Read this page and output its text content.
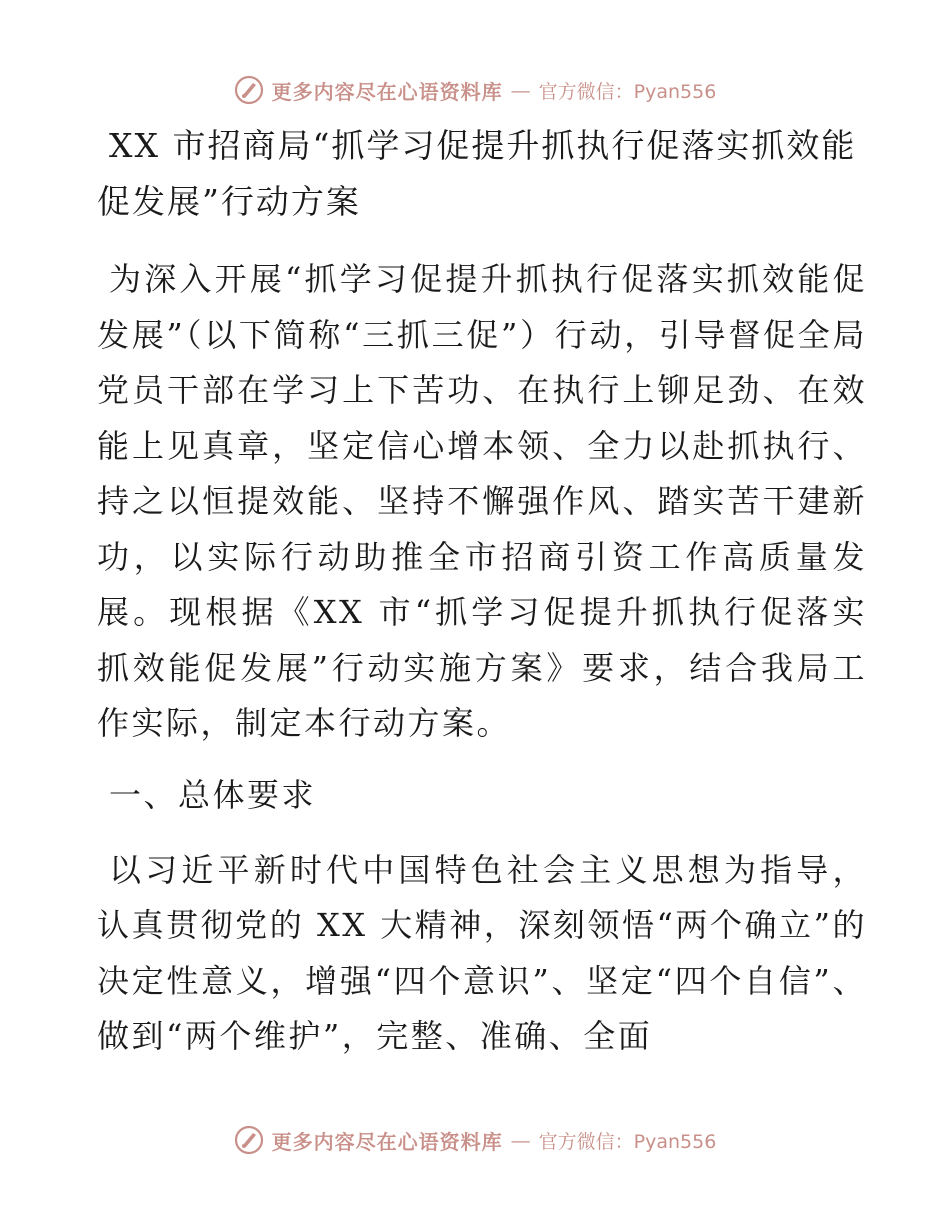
更多内容尽在心语资料库 — 官方微信：Pyan556
XX 市招商局“抓学习促提升抓执行促落实抓效能促发展”行动方案

为深入开展“抓学习促提升抓执行促落实抓效能促发展”（以下简称“三抓三促”）行动，引导督促全局党员干部在学习上下苦功、在执行上铆足劲、在效能上见真章，坚定信心增本领、全力以赴抓执行、持之以恒提效能、坚持不懈强作风、踏实苦干建新功，以实际行动助推全市招商引资工作高质量发展。现根据《XX 市“抓学习促提升抓执行促落实抓效能促发展”行动实施方案》要求，结合我局工作实际，制定本行动方案。

一、总体要求

以习近平新时代中国特色社会主义思想为指导，认真贯彻党的 XX 大精神，深刻领悟“两个确立”的决定性意义，增强“四个意识”、坚定“四个自信”、做到“两个维护”，完整、准确、全面

更多内容尽在心语资料库 — 官方微信：Pyan556
